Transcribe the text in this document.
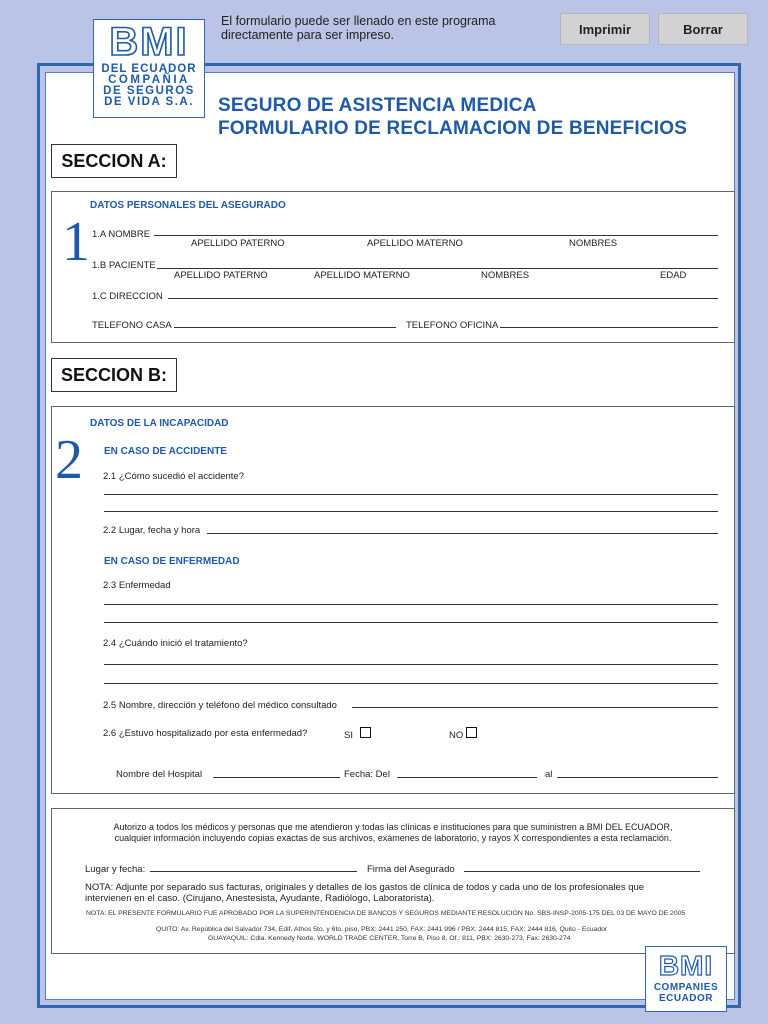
El formulario puede ser llenado en este programa directamente para ser impreso.	Imprimir	Borrar
BMI
DEL ECUADOR
COMPAÑIA
DE SEGUROS
DE VIDA S.A.	SEGURO DE ASISTENCIA MEDICA
FORMULARIO DE RECLAMACION DE BENEFICIOS
SECCION A:
1
DATOS PERSONALES DEL ASEGURADO
1.A NOMBRE
APELLIDO PATERNO	APELLIDO MATERNO	NOMBRES
1.B PACIENTE
APELLIDO PATERNO	APELLIDO MATERNO	NOMBRES	EDAD
1.C DIRECCION
TELEFONO CASA	TELEFONO OFICINA
SECCION B:
2
DATOS DE LA INCAPACIDAD
EN CASO DE ACCIDENTE
2.1 ¿Cómo sucedió el accidente?
2.2 Lugar, fecha y hora
EN CASO DE ENFERMEDAD
2.3 Enfermedad
2.4 ¿Cuándo inició el tratamiento?
2.5 Nombre, dirección y teléfono del médico consultado
2.6 ¿Estuvo hospitalizado por esta enfermedad?	SI	NO
Nombre del Hospital	Fecha: Del	al
Autorizo a todos los médicos y personas que me atendieron y todas las clínicas e instituciones para que suministren a BMI DEL ECUADOR,
cualquier información incluyendo copias exactas de sus archivos, exámenes de laboratorio, y rayos X correspondientes a esta reclamación.
Lugar y fecha:	Firma del Asegurado
NOTA: Adjunte por separado sus facturas, originales y detalles de los gastos de clínica de todos y cada uno de los profesionales que
intervienen en el caso. (Cirujano, Anestesista, Ayudante, Radiólogo, Laboratorista).
NOTA: EL PRESENTE FORMULARIO FUE APROBADO POR LA SUPERINTENDENCIA DE BANCOS Y SEGUROS MEDIANTE RESOLUCION No. SBS-INSP-2005-175 DEL 03 DE MAYO DE 2005
QUITO: Av. República del Salvador 734, Edif. Athos 5to. y 6to. piso, PBX: 2441 250, FAX: 2441 996 / PBX: 2444 815, FAX: 2444 816, Quito - Ecuador
GUAYAQUIL: Cdla. Kennedy Norte, WORLD TRADE CENTER, Torre B, Piso 8, Of.: 811, PBX: 2630-273, Fax: 2630-274
BMI
COMPANIES
ECUADOR
